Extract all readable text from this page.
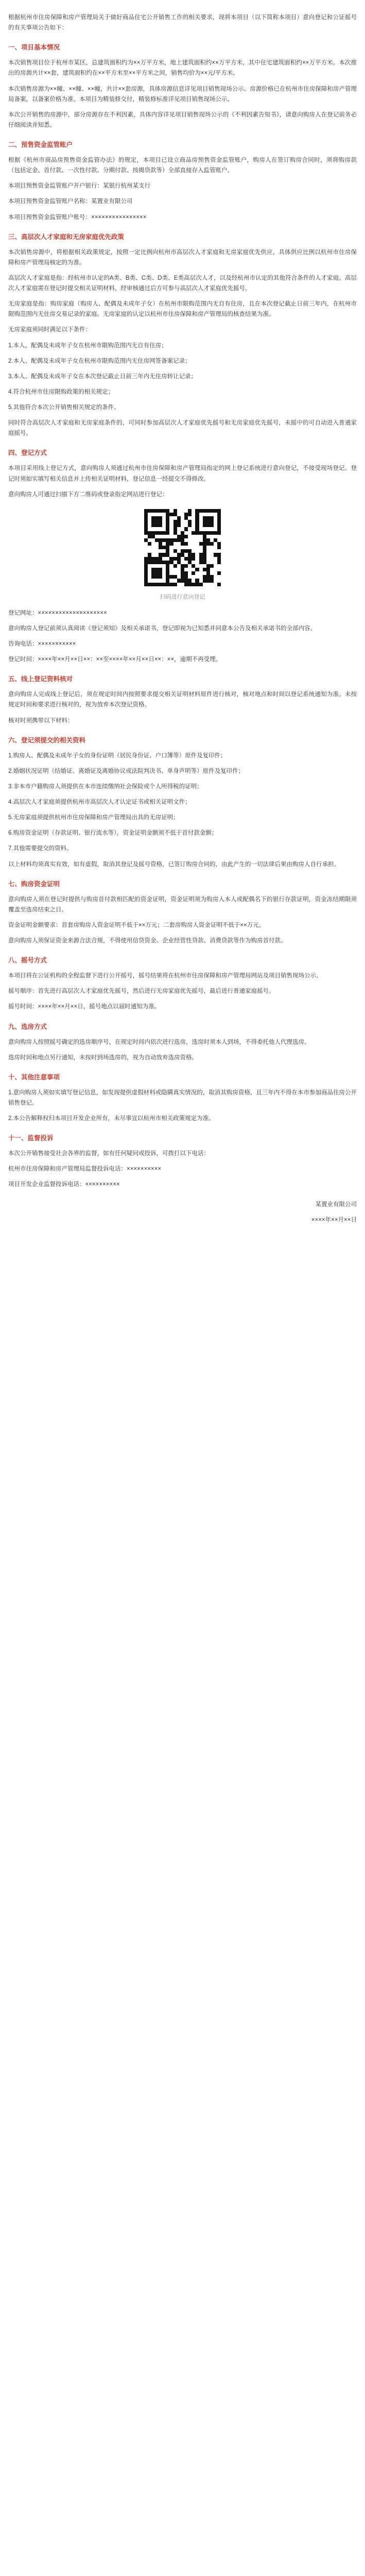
根据杭州市住房保障和房产管理局关于做好商品住宅公开销售工作的相关要求，现将本项目（以下简称本项目）意向登记和公证摇号的有关事项公告如下：

一、项目基本情况

本次销售项目位于杭州市某区，总建筑面积约为××万平方米，地上建筑面积约××万平方米，其中住宅建筑面积约××万平方米。本次推出的房源共计××套，建筑面积约在××平方米至××平方米之间，销售均价为××元/平方米。

本次销售房源为××幢、××幢、××幢，共计××套房源，具体房源信息详见项目销售现场公示。房源价格已在杭州市住房保障和房产管理局备案，以备案价格为准。本项目为精装修交付，精装修标准详见项目销售现场公示。

本次公开销售的房源中，部分房源存在不利因素，具体内容详见项目销售现场公示的《不利因素告知书》，请意向购房人在登记前务必仔细阅读并知悉。

二、预售资金监管账户

根据《杭州市商品房预售资金监管办法》的规定，本项目已设立商品房预售资金监管账户，购房人在签订购房合同时，须将购房款（包括定金、首付款、一次性付款、分期付款、按揭贷款等）全部直接存入监管账户。

本项目预售资金监管账户开户银行：某银行杭州某支行

本项目预售资金监管账户名称：某置业有限公司

本项目预售资金监管账户账号：××××××××××××××××

三、高层次人才家庭和无房家庭优先政策

本次销售房源中，将根据相关政策规定，按照一定比例向杭州市高层次人才家庭和无房家庭优先供应，具体供应比例以杭州市住房保障和房产管理局核定的为准。

高层次人才家庭是指：经杭州市认定的A类、B类、C类、D类、E类高层次人才，以及经杭州市认定的其他符合条件的人才家庭。高层次人才家庭需在登记时提交相关证明材料，经审核通过后方可参与高层次人才家庭优先摇号。

无房家庭是指：购房家庭（购房人、配偶及未成年子女）在杭州市限购范围内无自有住房，且在本次登记截止日前三年内，在杭州市限购范围内无住房交易记录的家庭。无房家庭的认定以杭州市住房保障和房产管理局的核查结果为准。

无房家庭须同时满足以下条件：

1.本人、配偶及未成年子女在杭州市限购范围内无自有住房；

2.本人、配偶及未成年子女在杭州市限购范围内无住房网签备案记录；

3.本人、配偶及未成年子女在本次登记截止日前三年内无住房转让记录；

4.符合杭州市住房限购政策的相关规定；

5.其他符合本次公开销售相关规定的条件。

同时符合高层次人才家庭和无房家庭条件的，可同时参加高层次人才家庭优先摇号和无房家庭优先摇号，未摇中的可自动进入普通家庭摇号。

四、登记方式

本项目采用线上登记方式，意向购房人须通过杭州市住房保障和房产管理局指定的网上登记系统进行意向登记，不接受现场登记。登记时须如实填写相关信息并上传相关证明材料，登记信息一经提交不得修改。

意向购房人可通过扫描下方二维码或登录指定网站进行登记：

扫码进行意向登记

登记网址：××××××××××××××××××××

意向购房人登记前须认真阅读《登记须知》及相关承诺书，登记即视为已知悉并同意本公告及相关承诺书的全部内容。

咨询电话：×××××××××××

登记时间：××××年××月××日××：××至××××年××月××日××：××，逾期不再受理。

五、线上登记资料核对

意向购房人完成线上登记后，须在规定时间内按照要求提交相关证明材料原件进行核对，核对地点和时间以登记系统通知为准。未按规定时间和要求进行核对的，视为放弃本次登记资格。

核对时须携带以下材料：

六、登记须提交的相关资料

1.购房人、配偶及未成年子女的身份证明（居民身份证、户口簿等）原件及复印件；

2.婚姻状况证明（结婚证、离婚证及离婚协议或法院判决书、单身声明等）原件及复印件；

3.非本市户籍购房人须提供在本市连续缴纳社会保险或个人所得税的证明；

4.高层次人才家庭须提供杭州市高层次人才认定证书或相关证明文件；

5.无房家庭须提供杭州市住房保障和房产管理局出具的无房证明；

6.购房资金证明（存款证明、银行流水等），资金证明金额须不低于首付款金额；

7.其他需要提交的资料。

以上材料均须真实有效，如有虚假，取消其登记及摇号资格，已签订购房合同的，由此产生的一切法律后果由购房人自行承担。

七、购房资金证明

意向购房人须在登记时提供与购房首付款相匹配的资金证明，资金证明须为购房人本人或配偶名下的银行存款证明，资金冻结期限须覆盖至选房结束之日。

资金证明金额要求：首套房购房人资金证明不低于××万元；二套房购房人资金证明不低于××万元。

意向购房人须保证资金来源合法合规，不得使用信贷资金、企业经营性贷款、消费贷款等作为购房首付款。

八、摇号方式

本项目将在公证机构的全程监督下进行公开摇号，摇号结果将在杭州市住房保障和房产管理局网站及项目销售现场公示。

摇号顺序：首先进行高层次人才家庭优先摇号，然后进行无房家庭优先摇号，最后进行普通家庭摇号。

摇号时间：××××年××月××日，摇号地点以届时通知为准。

九、选房方式

意向购房人按照摇号确定的选房顺序号，在规定时间内依次进行选房，选房时须本人到场，不得委托他人代理选房。

选房时间和地点另行通知，未按时到场选房的，视为自动放弃选房资格。

十、其他注意事项

1.意向购房人须如实填写登记信息，如发现提供虚假材料或隐瞒真实情况的，取消其购房资格，且三年内不得在本市参加商品住房公开销售登记。

2.本公告解释权归本项目开发企业所有，未尽事宜以杭州市相关政策规定为准。

十一、监督投诉

本次公开销售接受社会各界的监督，如有任何疑问或投诉，可拨打以下电话：

杭州市住房保障和房产管理局监督投诉电话：××××××××××

项目开发企业监督投诉电话：××××××××××

某置业有限公司

××××年××月××日
